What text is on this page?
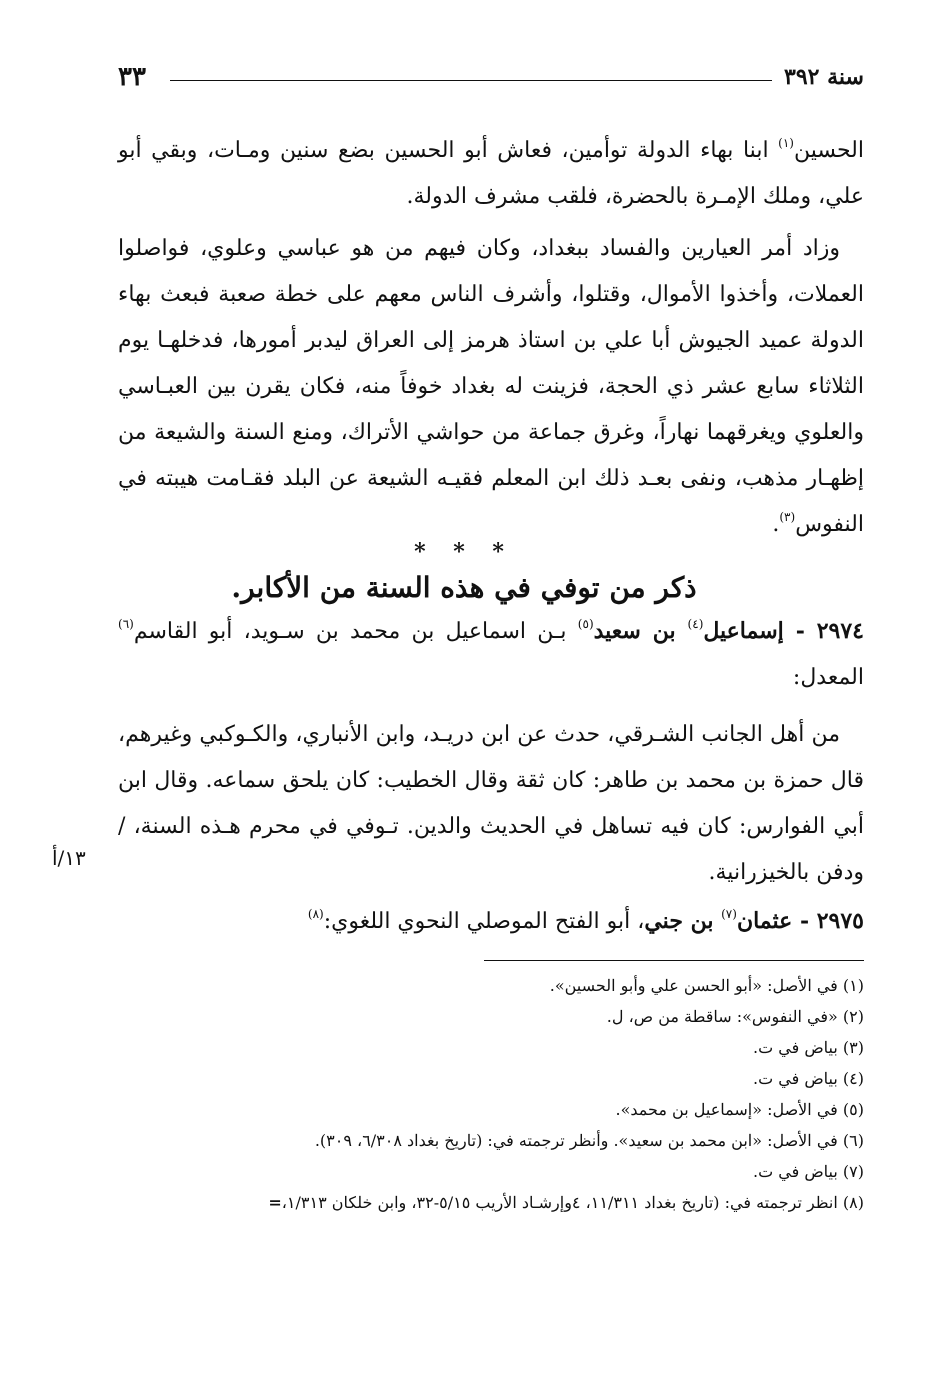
٣٣	سنة ٣٩٢

الحسين$^{(١)}$ ابنا بهاء الدولة توأمين، فعاش أبو الحسين بضع سنين ومـات، وبقي أبو علي، وملك الإمـرة بالحضرة، فلقب مشرف الدولة.

وزاد أمر العيارين والفساد ببغداد، وكان فيهم من هو عباسي وعلوي، فواصلوا العملات، وأخذوا الأموال، وقتلوا، وأشرف الناس معهم على خطة صعبة فبعث بهاء الدولة عميد الجيوش أبا علي بن استاذ هرمز إلى العراق ليدبر أمورها، فدخلهـا يوم الثلاثاء سابع عشر ذي الحجة، فزينت له بغداد خوفاً منه، فكان يقرن بين العبـاسي والعلوي ويغرقهما نهاراً، وغرق جماعة من حواشي الأتراك، ومنع السنة والشيعة من إظهـار مذهب، ونفى بعـد ذلك ابن المعلم فقيـه الشيعة عن البلد فقـامت هيبته في النفوس$^{(٣)}$.

* * *
ذكر من توفي في هذه السنة من الأكابر.

٢٩٧٤ - إسماعيل$^{(٤)}$ بن سعيد$^{(٥)}$ بـن اسماعيل بن محمد بن سـويد، أبو القاسم$^{(٦)}$ المعدل:

من أهل الجانب الشـرقي، حدث عن ابن دريـد، وابن الأنباري، والكـوكبي وغيرهم، قال حمزة بن محمد بن طاهر: كان ثقة وقال الخطيب: كان يلحق سماعه. وقال ابن أبي الفوارس: كان فيه تساهل في الحديث والدين. تـوفي في محرم هـذه السنة، / ودفن بالخيزرانية.

١٣/أ

٢٩٧٥ - عثمان$^{(٧)}$ بن جني، أبو الفتح الموصلي النحوي اللغوي:$^{(٨)}$

(١) في الأصل: «أبو الحسن علي وأبو الحسين».
(٢) «في النفوس»: ساقطة من ص، ل.
(٣) بياض في ت.
(٤) بياض في ت.
(٥) في الأصل: «إسماعيل بن محمد».
(٦) في الأصل: «ابن محمد بن سعيد». وأنظر ترجمته في: (تاريخ بغداد ٦/٣٠٨، ٣٠٩).
(٧) بياض في ت.
(٨) انظر ترجمته في: (تاريخ بغداد ١١/٣١١، ٤وإرشـاد الأريب ٥/١٥-٣٢، وابن خلكان ١/٣١٣،=
